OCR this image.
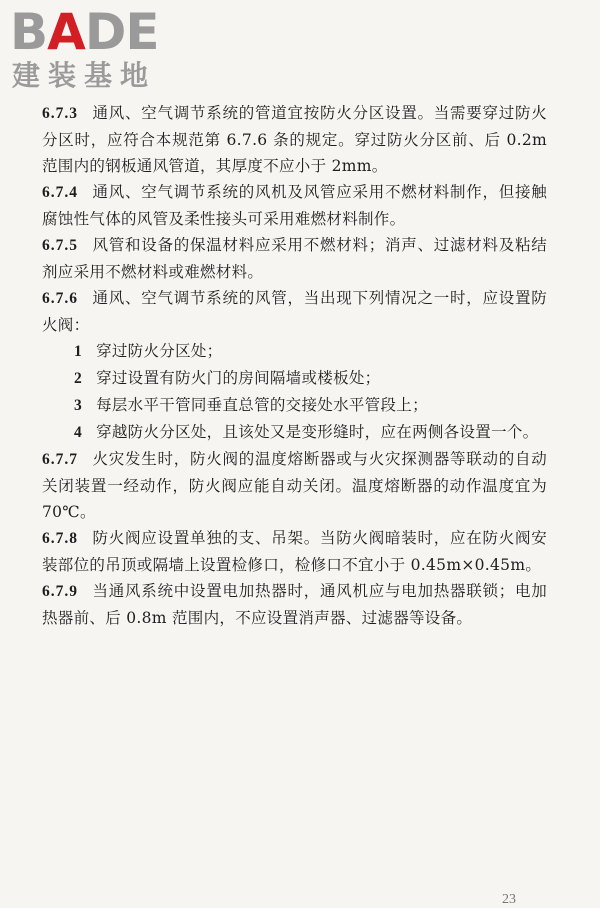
BADE
建装基地

6.7.3 通风、空气调节系统的管道宜按防火分区设置。当需要穿过防火分区时，应符合本规范第 6.7.6 条的规定。穿过防火分区前、后 0.2m 范围内的钢板通风管道，其厚度不应小于 2mm。

6.7.4 通风、空气调节系统的风机及风管应采用不燃材料制作，但接触腐蚀性气体的风管及柔性接头可采用难燃材料制作。

6.7.5 风管和设备的保温材料应采用不燃材料；消声、过滤材料及粘结剂应采用不燃材料或难燃材料。

6.7.6 通风、空气调节系统的风管，当出现下列情况之一时，应设置防火阀：

1 穿过防火分区处；

2 穿过设置有防火门的房间隔墙或楼板处；

3 每层水平干管同垂直总管的交接处水平管段上；

4 穿越防火分区处，且该处又是变形缝时，应在两侧各设置一个。

6.7.7 火灾发生时，防火阀的温度熔断器或与火灾探测器等联动的自动关闭装置一经动作，防火阀应能自动关闭。温度熔断器的动作温度宜为 70℃。

6.7.8 防火阀应设置单独的支、吊架。当防火阀暗装时，应在防火阀安装部位的吊顶或隔墙上设置检修口，检修口不宜小于 0.45m×0.45m。

6.7.9 当通风系统中设置电加热器时，通风机应与电加热器联锁；电加热器前、后 0.8m 范围内，不应设置消声器、过滤器等设备。

23
